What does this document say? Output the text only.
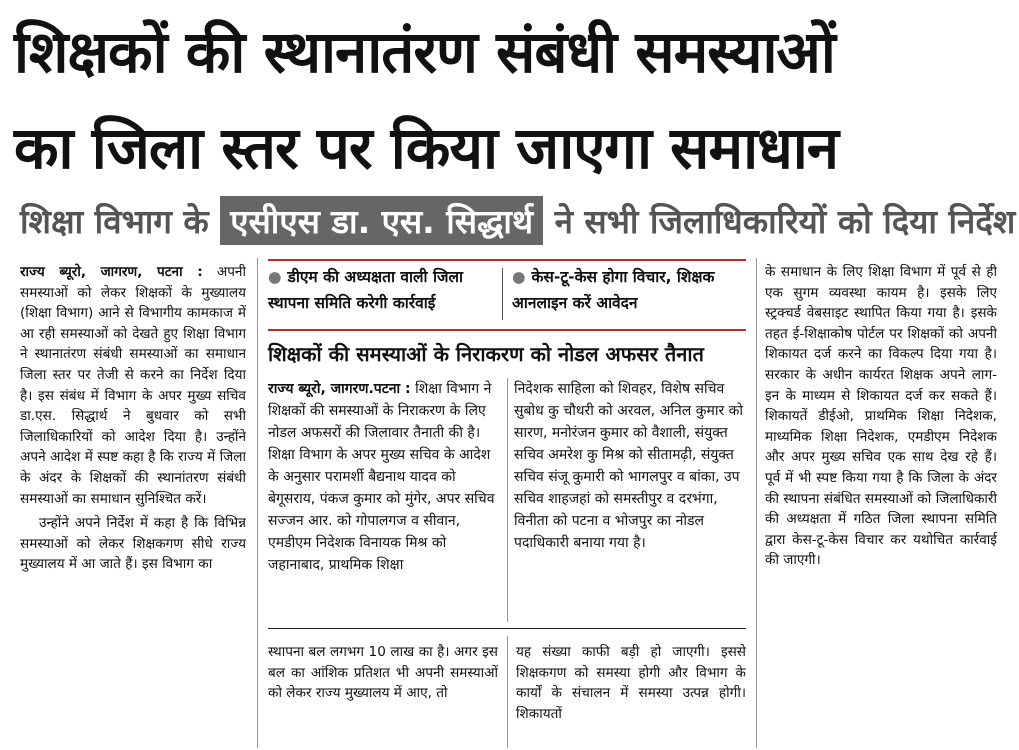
शिक्षकों की स्थानातंरण संबंधी समस्याओं
का जिला स्तर पर किया जाएगा समाधान
शिक्षा विभाग के एसीएस डा. एस. सिद्धार्थ ने सभी जिलाधिकारियों को दिया निर्देश

राज्य ब्यूरो, जागरण, पटना : अपनी समस्याओं को लेकर शिक्षकों के मुख्यालय (शिक्षा विभाग) आने से विभागीय कामकाज में आ रही समस्याओं को देखते हुए शिक्षा विभाग ने स्थानातंरण संबंधी समस्याओं का समाधान जिला स्तर पर तेजी से करने का निर्देश दिया है। इस संबंध में विभाग के अपर मुख्य सचिव डा.एस. सिद्धार्थ ने बुधवार को सभी जिलाधिकारियों को आदेश दिया है। उन्होंने अपने आदेश में स्पष्ट कहा है कि राज्य में जिला के अंदर के शिक्षकों की स्थानांतरण संबंधी समस्याओं का समाधान सुनिश्चित करें।

उन्होंने अपने निर्देश में कहा है कि विभिन्न समस्याओं को लेकर शिक्षकगण सीधे राज्य मुख्यालय में आ जाते हैं। इस विभाग का

● डीएम की अध्यक्षता वाली जिला स्थापना समिति करेगी कार्रवाई
● केस-टू-केस होगा विचार, शिक्षक आनलाइन करें आवेदन
शिक्षकों की समस्याओं के निराकरण को नोडल अफसर तैनात
राज्य ब्यूरो, जागरण.पटना : शिक्षा विभाग ने शिक्षकों की समस्याओं के निराकरण के लिए नोडल अफसरों की जिलावार तैनाती की है। शिक्षा विभाग के अपर मुख्य सचिव के आदेश के अनुसार परामर्शी बैद्यनाथ यादव को बेगूसराय, पंकज कुमार को मुंगेर, अपर सचिव सज्जन आर. को गोपालगज व सीवान, एमडीएम निदेशक विनायक मिश्र को जहानाबाद, प्राथमिक शिक्षा
निदेशक साहिला को शिवहर, विशेष सचिव सुबोध कु चौधरी को अरवल, अनिल कुमार को सारण, मनोरंजन कुमार को वैशाली, संयुक्त सचिव अमरेश कु मिश्र को सीतामढ़ी, संयुक्त सचिव संजू कुमारी को भागलपुर व बांका, उप सचिव शाहजहां को समस्तीपुर व दरभंगा, विनीता को पटना व भोजपुर का नोडल पदाधिकारी बनाया गया है।

स्थापना बल लगभग 10 लाख का है। अगर इस बल का आंशिक प्रतिशत भी अपनी समस्याओं को लेकर राज्य मुख्यालय में आए, तो

यह संख्या काफी बड़ी हो जाएगी। इससे शिक्षकगण को समस्या होगी और विभाग के कार्यों के संचालन में समस्या उत्पन्न होगी। शिकायतों

के समाधान के लिए शिक्षा विभाग में पूर्व से ही एक सुगम व्यवस्था कायम है। इसके लिए स्ट्रक्चर्ड वेबसाइट स्थापित किया गया है। इसके तहत ई-शिक्षाकोष पोर्टल पर शिक्षकों को अपनी शिकायत दर्ज करने का विकल्प दिया गया है। सरकार के अधीन कार्यरत शिक्षक अपने लाग-इन के माध्यम से शिकायत दर्ज कर सकते हैं। शिकायतें डीईओ, प्राथमिक शिक्षा निदेशक, माध्यमिक शिक्षा निदेशक, एमडीएम निदेशक और अपर मुख्य सचिव एक साथ देख रहे हैं। पूर्व में भी स्पष्ट किया गया है कि जिला के अंदर की स्थापना संबंधित समस्याओं को जिलाधिकारी की अध्यक्षता में गठित जिला स्थापना समिति द्वारा केस-टू-केस विचार कर यथोचित कार्रवाई की जाएगी।
